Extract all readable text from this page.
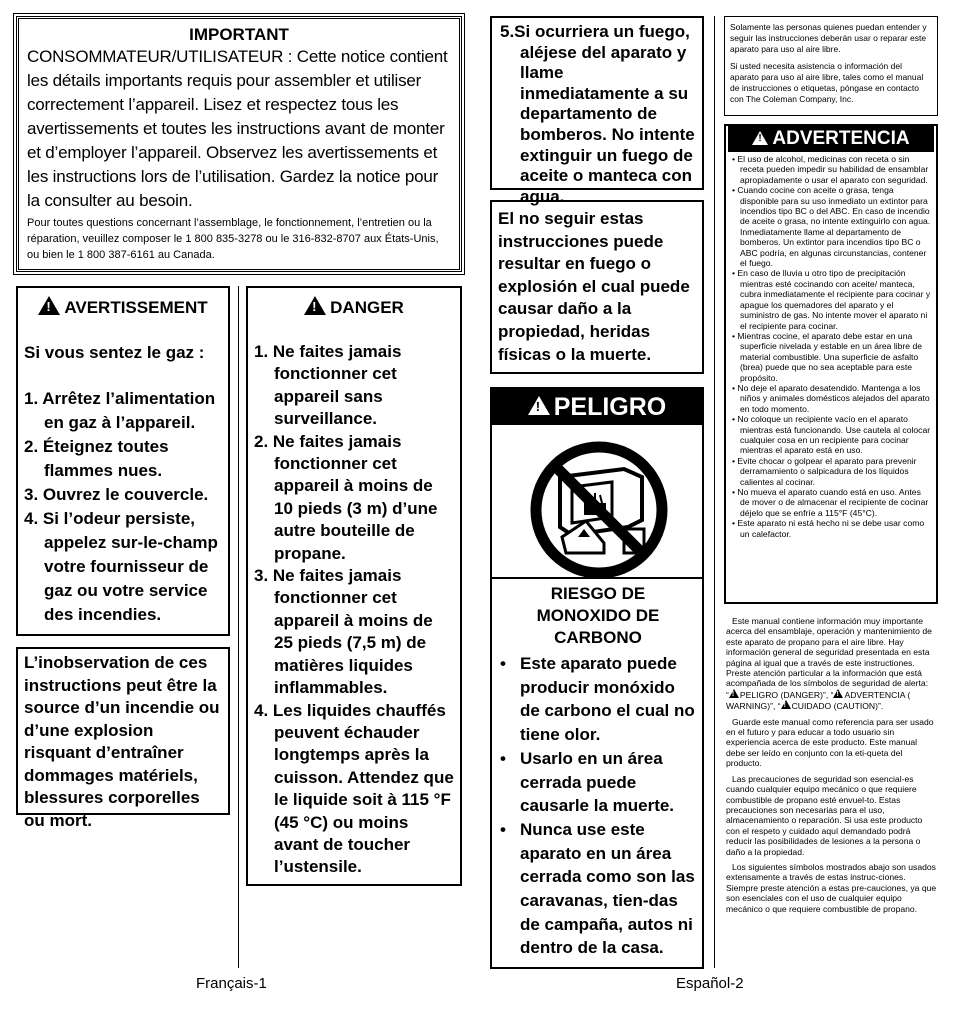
IMPORTANT
CONSOMMATEUR/UTILISATEUR : Cette notice contient les détails importants requis pour assembler et utiliser correctement l’appareil. Lisez et respectez tous les avertissements et toutes les instructions avant de monter et d’employer l’appareil. Observez les avertissements et les instructions lors de l’utilisation. Gardez la notice pour la consulter au besoin.
Pour toutes questions concernant l’assemblage, le fonctionnement, l’entretien ou la réparation, veuillez composer le 1 800 835-3278 ou le 316-832-8707 aux États-Unis, ou bien le 1 800 387-6161 au Canada.
!AVERTISSEMENT
Si vous sentez le gaz :
1. Arrêtez l’alimentation en gaz à l’appareil.
2. Éteignez toutes flammes nues.
3. Ouvrez le couvercle.
4. Si l’odeur persiste, appelez sur-le-champ votre fournisseur de gaz ou votre service des incendies.
L’inobservation de ces instructions peut être la source d’un incendie ou d’une explosion risquant d’entraîner dommages matériels, blessures corporelles ou mort.
!DANGER
1. Ne faites jamais fonctionner cet appareil sans surveillance.
2. Ne faites jamais fonctionner cet appareil à moins de 10 pieds (3 m) d’une autre bouteille de propane.
3. Ne faites jamais fonctionner cet appareil à moins de 25 pieds (7,5 m) de matières liquides inflammables.
4. Les liquides chauffés peuvent échauder longtemps après la cuisson. Attendez que le liquide soit à 115 °F (45 °C) ou moins avant de toucher l’ustensile.
5.Si ocurriera un fuego, aléjese del aparato y llame inmediatamente a su departamento de bomberos. No intente extinguir un fuego de aceite o manteca con agua.
El no seguir estas instrucciones puede resultar en fuego o explosión el cual puede causar daño a la propiedad, heridas físicas o la muerte.
!PELIGRO
RIESGO DE MONOXIDO DE CARBONO
• Este aparato puede producir monóxido de carbono el cual no tiene olor.
• Usarlo en un área cerrada puede causarle la muerte.
• Nunca use este aparato en un área cerrada como son las caravanas, tien-das de campaña, autos ni dentro de la casa.
Solamente las personas quienes puedan entender y seguir las instrucciones deberán usar o reparar este aparato para uso al aire libre.
Si usted necesita asistencia o información del aparato para uso al aire libre, tales como el manual de instrucciones o etiquetas, póngase en contacto con The Coleman Company, Inc.
!ADVERTENCIA
• El uso de alcohol, medicinas con receta o sin receta pueden impedir su habilidad de ensamblar apropiadamente o usar el aparato con seguridad.
• Cuando cocine con aceite o grasa, tenga disponible para su uso inmediato un extintor para incendios tipo BC o del ABC. En caso de incendio de aceite o grasa, no intente extinguirlo con agua. Inmediatamente llame al departamento de bomberos. Un extintor para incendios tipo BC o ABC podría, en algunas circunstancias, contener el fuego.
• En caso de lluvia u otro tipo de precipitación mientras esté cocinando con aceite/ manteca, cubra inmediatamente el recipiente para cocinar y apague los quemadores del aparato y el suministro de gas. No intente mover el aparato ni el recipiente para cocinar.
• Mientras cocine, el aparato debe estar en una superficie nivelada y estable en un área libre de material combustible. Una superficie de asfalto (brea) puede que no sea aceptable para este propósito.
• No deje el aparato desatendido. Mantenga a los niños y animales domésticos alejados del aparato en todo momento.
• No coloque un recipiente vacío en el aparato mientras está funcionando. Use cautela al colocar cualquier cosa en un recipiente para cocinar mientras el aparato está en uso.
• Evite chocar o golpear el aparato para prevenir derramamiento o salpicadura de los líquidos calientes al cocinar.
• No mueva el aparato cuando está en uso. Antes de mover o de almacenar el recipiente de cocinar déjelo que se enfríe a 115°F (45°C).
• Este aparato ni está hecho ni se debe usar como un calefactor.

Este manual contiene información muy importante acerca del ensamblaje, operación y mantenimiento de este aparato de propano para el aire libre. Hay información general de seguridad presentada en esta página al igual que a través de este instructiones. Preste atención particular a la información que está acompañada de los símbolos de seguridad de alerta:

“ ! PELIGRO (DANGER)”, “ ! ADVERTENCIA ( WARNING)”, “ ! CUIDADO (CAUTION)”.

Guarde este manual como referencia para ser usado en el futuro y para educar a todo usuario sin experiencia acerca de este producto. Este manual debe ser leído en conjunto con la eti-queta del producto.

Las precauciones de seguridad son esencial-es cuando cualquier equipo mecánico o que requiere combustible de propano esté envuel-to. Estas precauciones son necesarias para el uso, almacenamiento o reparación. Si usa este producto con el respeto y cuidado aquí demandado podrá reducir las posibilidades de lesiones a la persona o daño a la propiedad.

Los siguientes símbolos mostrados abajo son usados extensamente a través de estas instruc-ciones. Siempre preste atención a estas pre-cauciones, ya que son esenciales con el uso de cualquier equipo mecánico o que requiere combustible de propano.

Français-1	Español-2
